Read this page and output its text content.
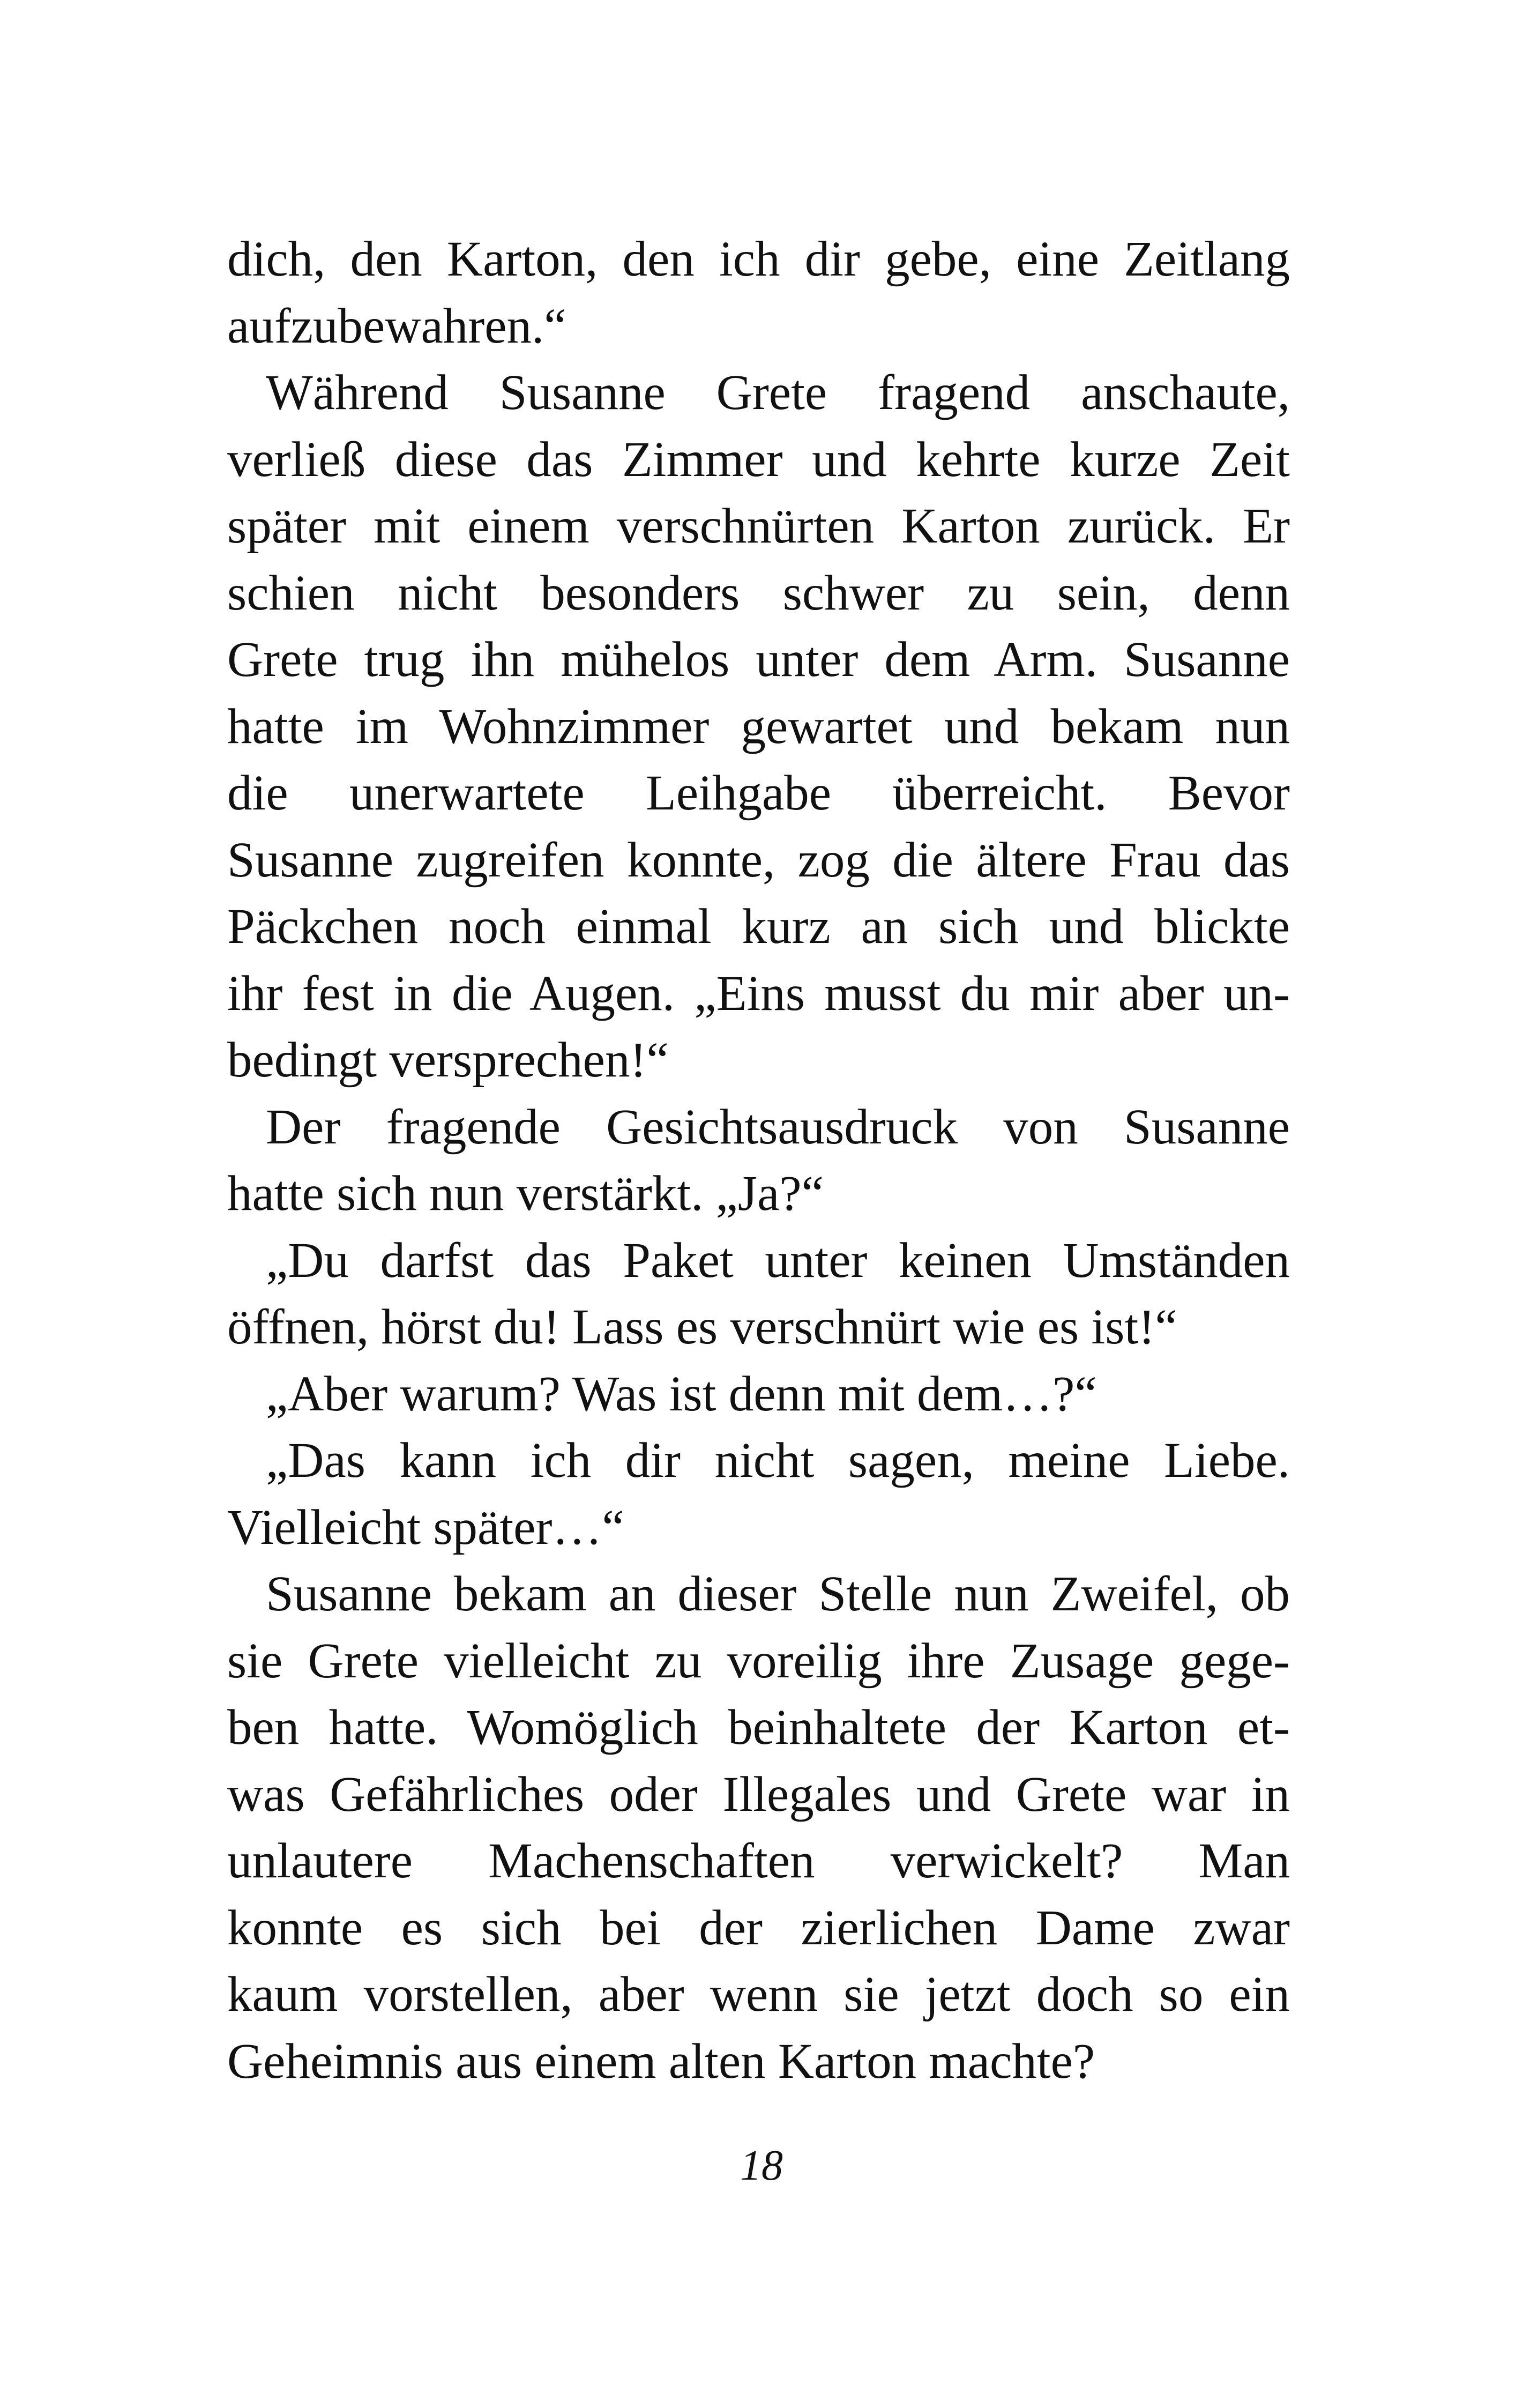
dich, den Karton, den ich dir gebe, eine Zeitlang
aufzubewahren.“
Während Susanne Grete fragend anschaute,
verließ diese das Zimmer und kehrte kurze Zeit
später mit einem verschnürten Karton zurück. Er
schien nicht besonders schwer zu sein, denn
Grete trug ihn mühelos unter dem Arm. Susanne
hatte im Wohnzimmer gewartet und bekam nun
die unerwartete Leihgabe überreicht. Bevor
Susanne zugreifen konnte, zog die ältere Frau das
Päckchen noch einmal kurz an sich und blickte
ihr fest in die Augen. „Eins musst du mir aber un-
bedingt versprechen!“
Der fragende Gesichtsausdruck von Susanne
hatte sich nun verstärkt. „Ja?“
„Du darfst das Paket unter keinen Umständen
öffnen, hörst du! Lass es verschnürt wie es ist!“
„Aber warum? Was ist denn mit dem…?“
„Das kann ich dir nicht sagen, meine Liebe.
Vielleicht später…“
Susanne bekam an dieser Stelle nun Zweifel, ob
sie Grete vielleicht zu voreilig ihre Zusage gege-
ben hatte. Womöglich beinhaltete der Karton et-
was Gefährliches oder Illegales und Grete war in
unlautere Machenschaften verwickelt? Man
konnte es sich bei der zierlichen Dame zwar
kaum vorstellen, aber wenn sie jetzt doch so ein
Geheimnis aus einem alten Karton machte?
18
